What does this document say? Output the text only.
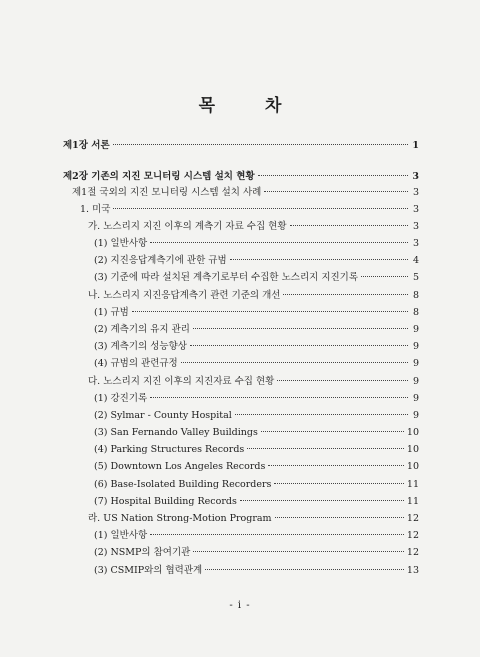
목 차
제1장 서론	1
제2장 기존의 지진 모니터링 시스템 설치 현황	3
제1절 국외의 지진 모니터링 시스템 설치 사례	3
1. 미국	3
가. 노스리지 지진 이후의 계측기 자료 수집 현황	3
(1) 일반사항	3
(2) 지진응답계측기에 관한 규범	4
(3) 기준에 따라 설치된 계측기로부터 수집한 노스리지 지진기록	5
나. 노스리지 지진응답계측기 관련 기준의 개선	8
(1) 규범	8
(2) 계측기의 유지 관리	9
(3) 계측기의 성능향상	9
(4) 규범의 관련규정	9
다. 노스리지 지진 이후의 지진자료 수집 현황	9
(1) 강진기록	9
(2) Sylmar - County Hospital	9
(3) San Fernando Valley Buildings	10
(4) Parking Structures Records	10
(5) Downtown Los Angeles Records	10
(6) Base-Isolated Building Recorders	11
(7) Hospital Building Records	11
라. US Nation Strong-Motion Program	12
(1) 일반사항	12
(2) NSMP의 참여기관	12
(3) CSMIP와의 협력관계	13
- i -
